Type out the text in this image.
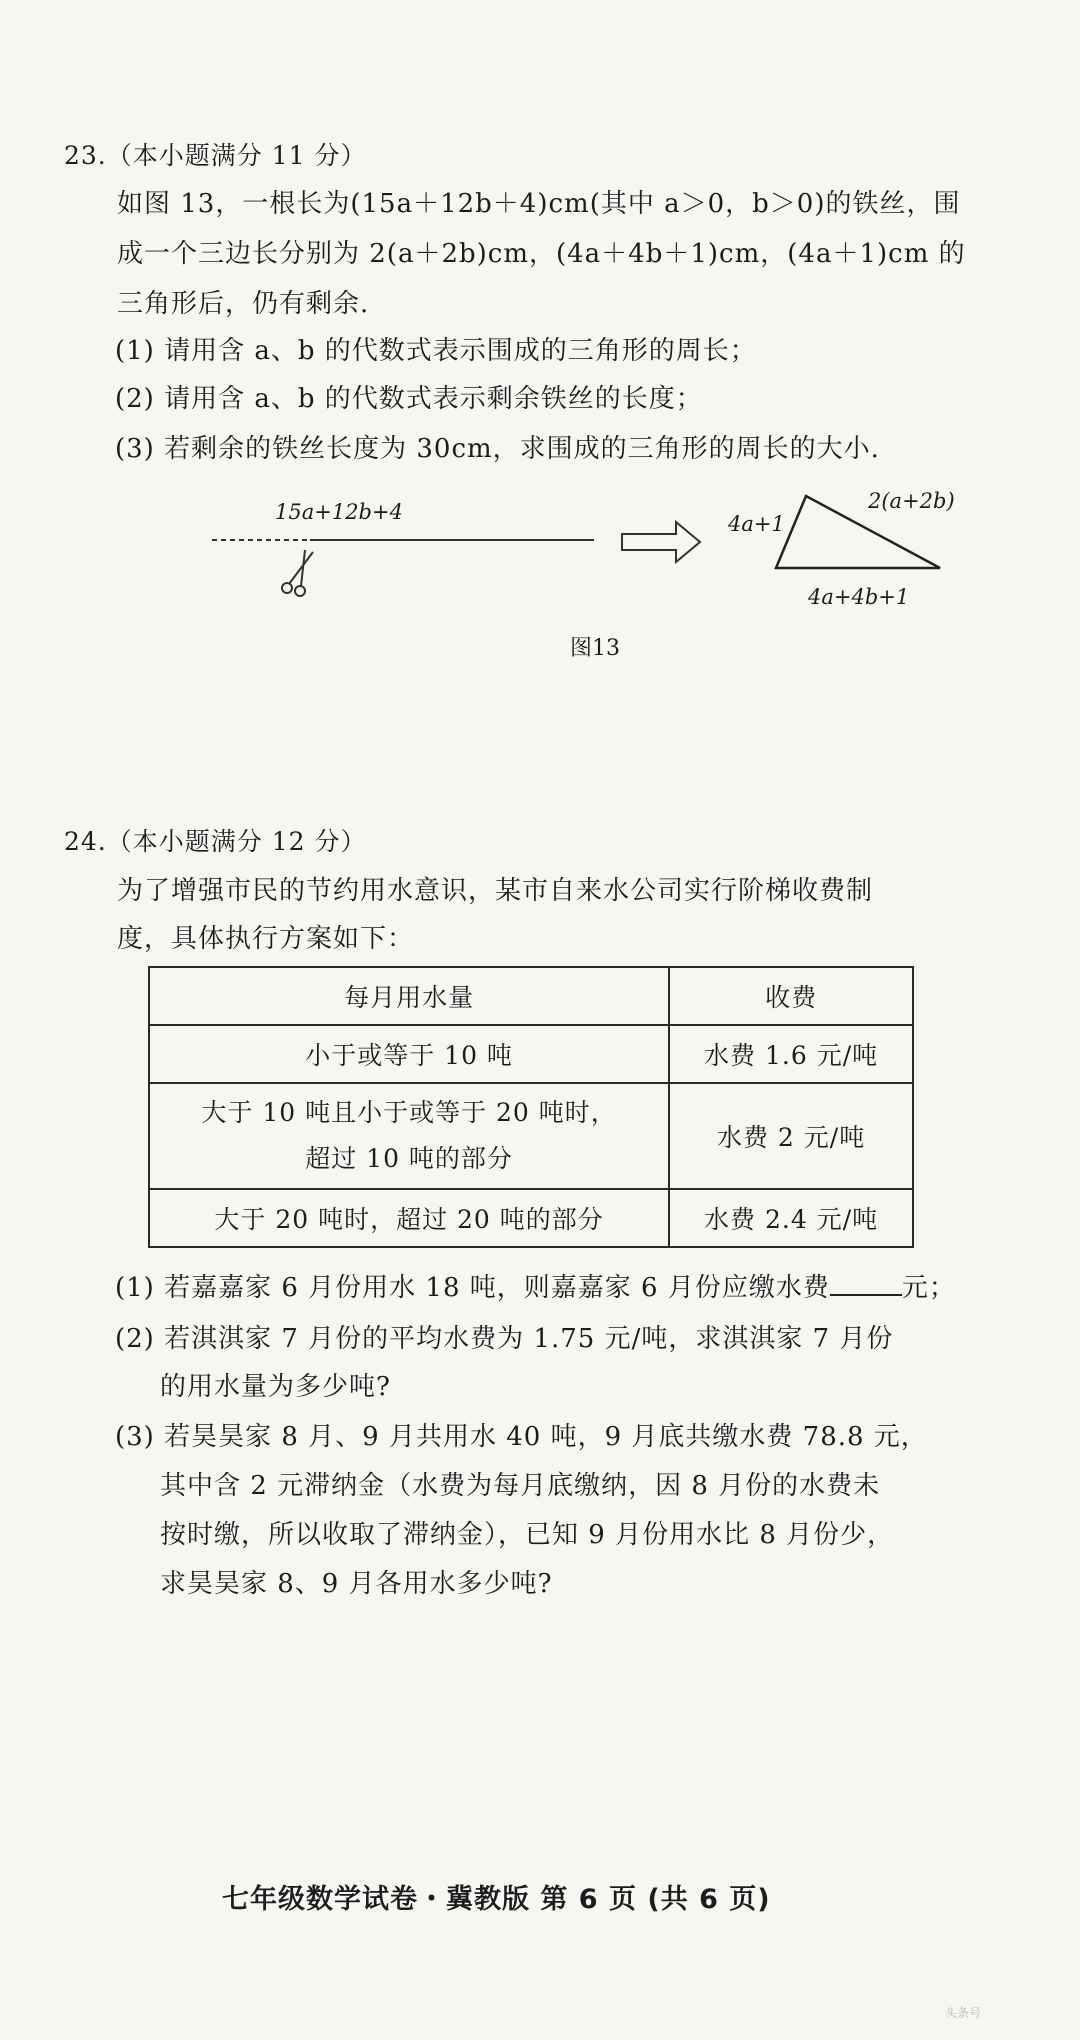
23.（本小题满分 11 分）
如图 13，一根长为(15a＋12b＋4)cm(其中 a＞0，b＞0)的铁丝，围
成一个三边长分别为 2(a＋2b)cm，(4a＋4b＋1)cm，(4a＋1)cm 的
三角形后，仍有剩余.
(1) 请用含 a、b 的代数式表示围成的三角形的周长；
(2) 请用含 a、b 的代数式表示剩余铁丝的长度；
(3) 若剩余的铁丝长度为 30cm，求围成的三角形的周长的大小.
15a+12b+4	4a+1
2(a+2b)
4a+4b+1
图13
24.（本小题满分 12 分）
为了增强市民的节约用水意识，某市自来水公司实行阶梯收费制
度，具体执行方案如下：
每月用水量	收费
小于或等于 10 吨	水费 1.6 元/吨

大于 10 吨且小于或等于 20 吨时，
超过 10 吨的部分	水费 2 元/吨
大于 20 吨时，超过 20 吨的部分	水费 2.4 元/吨
(1) 若嘉嘉家 6 月份用水 18 吨，则嘉嘉家 6 月份应缴水费	元；
(2) 若淇淇家 7 月份的平均水费为 1.75 元/吨，求淇淇家 7 月份
的用水量为多少吨?
(3) 若昊昊家 8 月、9 月共用水 40 吨，9 月底共缴水费 78.8 元，
其中含 2 元滞纳金（水费为每月底缴纳，因 8 月份的水费未
按时缴，所以收取了滞纳金），已知 9 月份用水比 8 月份少，
求昊昊家 8、9 月各用水多少吨?
七年级数学试卷・冀教版 第 6 页 (共 6 页)
头条号
